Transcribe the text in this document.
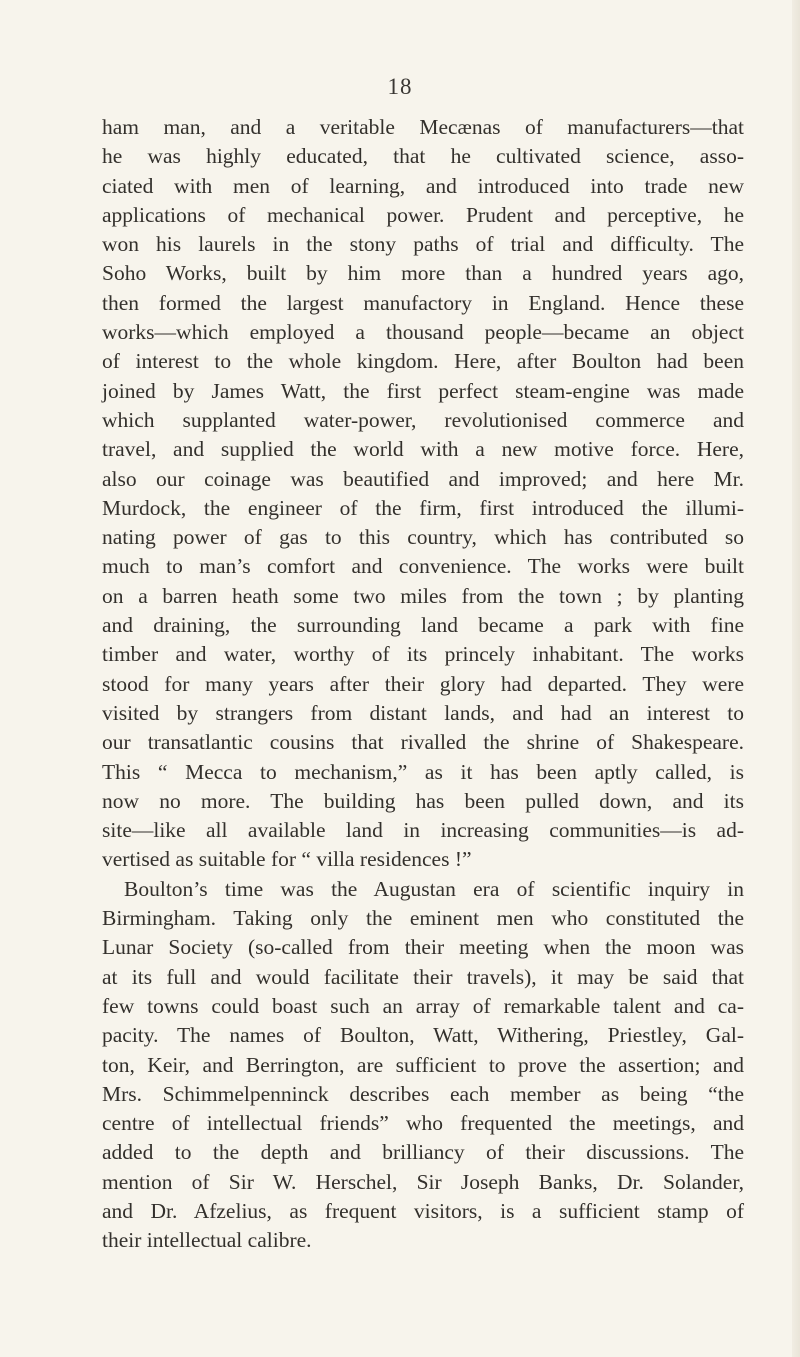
18
ham man, and a veritable Mecænas of manufacturers—that
he was highly educated, that he cultivated science, asso-
ciated with men of learning, and introduced into trade new
applications of mechanical power. Prudent and perceptive, he
won his laurels in the stony paths of trial and difficulty. The
Soho Works, built by him more than a hundred years ago,
then formed the largest manufactory in England. Hence these
works—which employed a thousand people—became an object
of interest to the whole kingdom. Here, after Boulton had been
joined by James Watt, the first perfect steam-engine was made
which supplanted water-power, revolutionised commerce and
travel, and supplied the world with a new motive force. Here,
also our coinage was beautified and improved; and here Mr.
Murdock, the engineer of the firm, first introduced the illumi-
nating power of gas to this country, which has contributed so
much to man’s comfort and convenience. The works were built
on a barren heath some two miles from the town ; by planting
and draining, the surrounding land became a park with fine
timber and water, worthy of its princely inhabitant. The works
stood for many years after their glory had departed. They were
visited by strangers from distant lands, and had an interest to
our transatlantic cousins that rivalled the shrine of Shakespeare.
This “ Mecca to mechanism,” as it has been aptly called, is
now no more. The building has been pulled down, and its
site—like all available land in increasing communities—is ad-
vertised as suitable for “ villa residences !”
Boulton’s time was the Augustan era of scientific inquiry in
Birmingham. Taking only the eminent men who constituted the
Lunar Society (so-called from their meeting when the moon was
at its full and would facilitate their travels), it may be said that
few towns could boast such an array of remarkable talent and ca-
pacity. The names of Boulton, Watt, Withering, Priestley, Gal-
ton, Keir, and Berrington, are sufficient to prove the assertion; and
Mrs. Schimmelpenninck describes each member as being “the
centre of intellectual friends” who frequented the meetings, and
added to the depth and brilliancy of their discussions. The
mention of Sir W. Herschel, Sir Joseph Banks, Dr. Solander,
and Dr. Afzelius, as frequent visitors, is a sufficient stamp of
their intellectual calibre.
